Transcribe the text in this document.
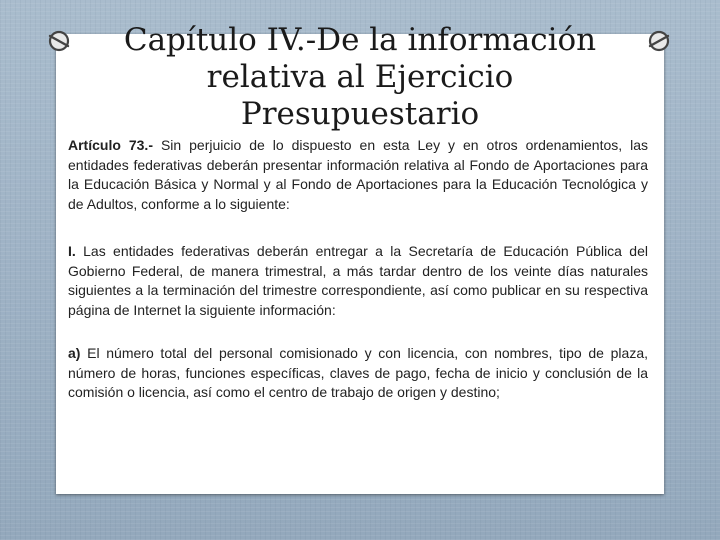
Capítulo IV.-De la información
relativa al Ejercicio
Presupuestario

Artículo 73.- Sin perjuicio de lo dispuesto en esta Ley y en otros ordenamientos, las entidades federativas deberán presentar información relativa al Fondo de Aportaciones para la Educación Básica y Normal y al Fondo de Aportaciones para la Educación Tecnológica y de Adultos, conforme a lo siguiente:

I. Las entidades federativas deberán entregar a la Secretaría de Educación Pública del Gobierno Federal, de manera trimestral, a más tardar dentro de los veinte días naturales siguientes a la terminación del trimestre correspondiente, así como publicar en su respectiva página de Internet la siguiente información:

a) El número total del personal comisionado y con licencia, con nombres, tipo de plaza, número de horas, funciones específicas, claves de pago, fecha de inicio y conclusión de la comisión o licencia, así como el centro de trabajo de origen y destino;
